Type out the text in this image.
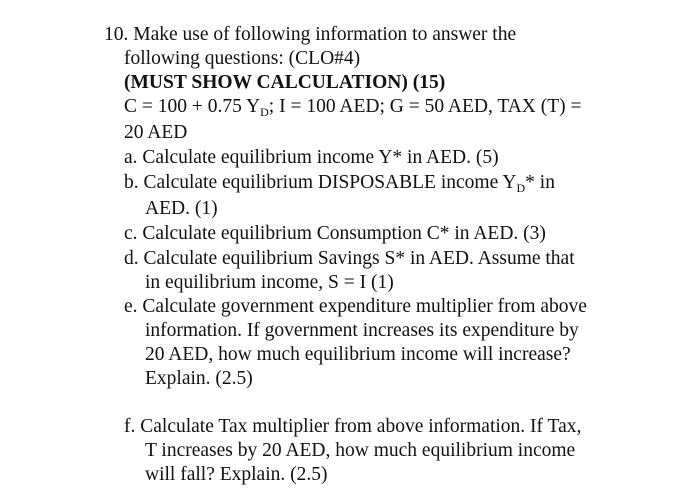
10. Make use of following information to answer the
following questions: (CLO#4)
(MUST SHOW CALCULATION) (15)
C = 100 + 0.75 $Y_D$; I = 100 AED; G = 50 AED, TAX (T) =
20 AED
a. Calculate equilibrium income Y* in AED. (5)
b. Calculate equilibrium DISPOSABLE income $Y_D*$ in
AED. (1)
c. Calculate equilibrium Consumption C* in AED. (3)
d. Calculate equilibrium Savings S* in AED. Assume that
in equilibrium income, S = I (1)
e. Calculate government expenditure multiplier from above
information. If government increases its expenditure by
20 AED, how much equilibrium income will increase?
Explain. (2.5)
f. Calculate Tax multiplier from above information. If Tax,
T increases by 20 AED, how much equilibrium income
will fall? Explain. (2.5)
